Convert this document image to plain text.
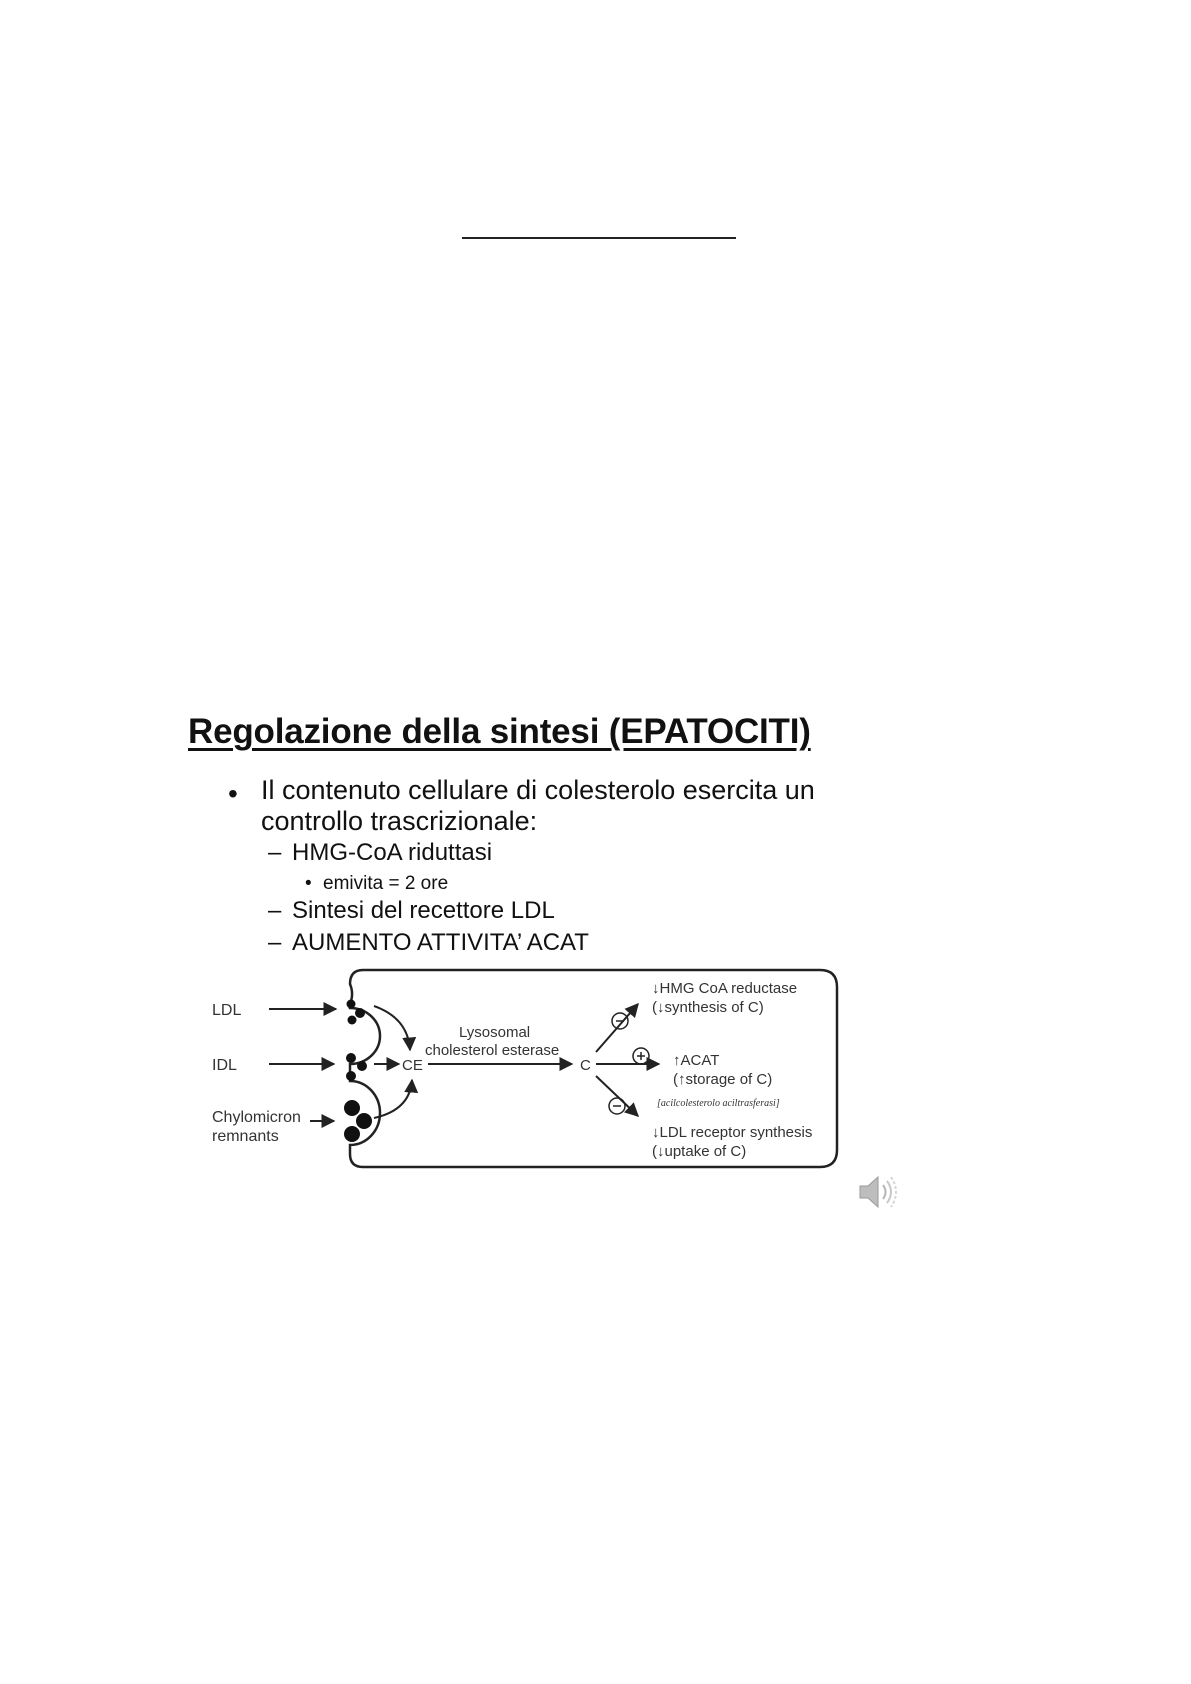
Regolazione della sintesi (EPATOCITI)
• Il contenuto cellulare di colesterolo esercita un controllo trascrizionale:
– HMG-CoA riduttasi
• emivita = 2 ore
– Sintesi del recettore LDL
– AUMENTO ATTIVITA’ ACAT
LDL
IDL
Chylomicron
remnants
Lysosomal
cholesterol esterase
CE	C
↓HMG CoA reductase
(↓synthesis of C)
↑ACAT
(↑storage of C)
[acilcolesterolo aciltrasferasi]
↓LDL receptor synthesis
(↓uptake of C)
